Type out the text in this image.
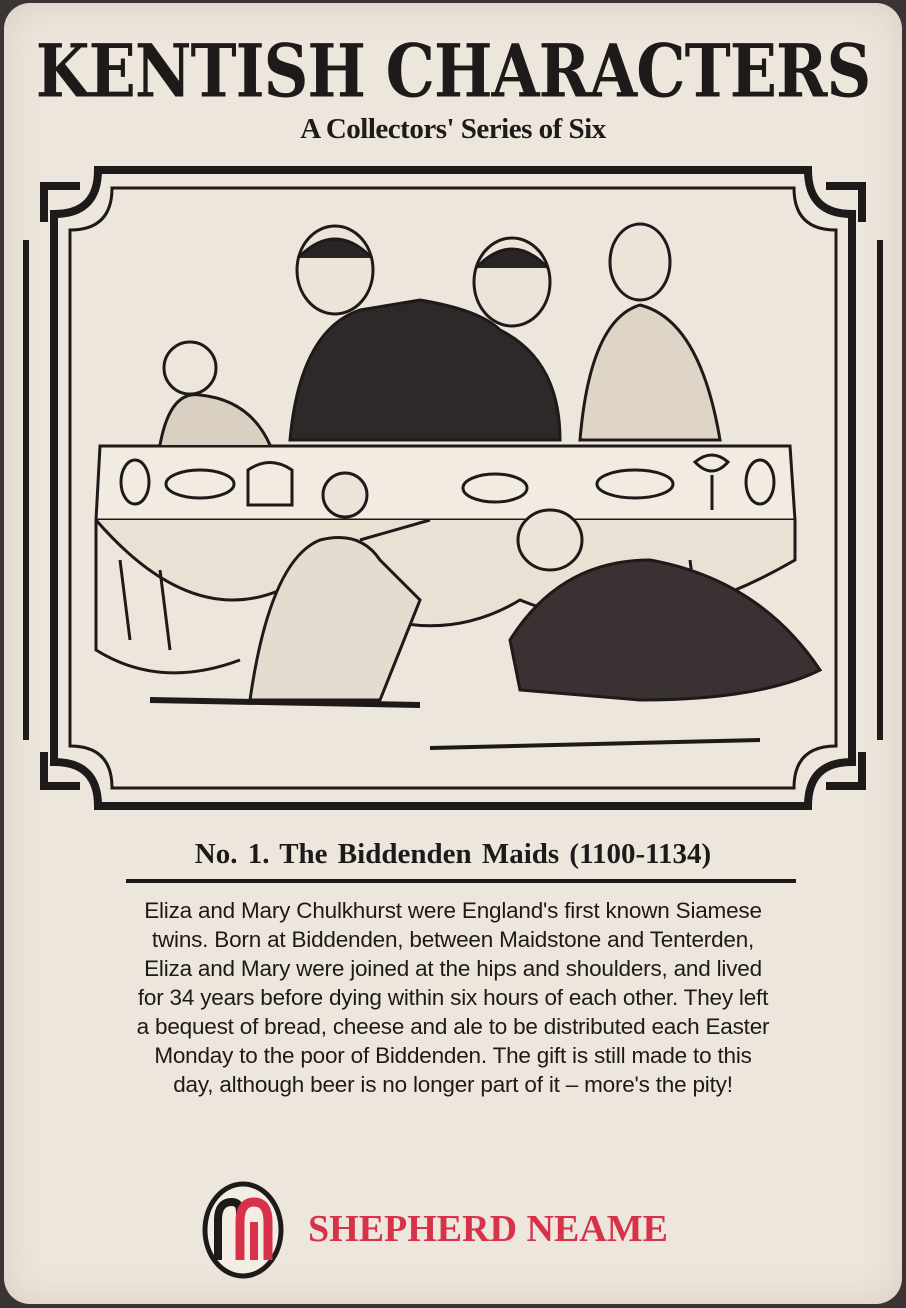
KENTISH CHARACTERS
A Collectors' Series of Six
No. 1. The Biddenden Maids (1100-1134)
Eliza and Mary Chulkhurst were England's first known Siamese
twins. Born at Biddenden, between Maidstone and Tenterden,
Eliza and Mary were joined at the hips and shoulders, and lived
for 34 years before dying within six hours of each other. They left
a bequest of bread, cheese and ale to be distributed each Easter
Monday to the poor of Biddenden. The gift is still made to this
day, although beer is no longer part of it – more's the pity!
SHEPHERD NEAME
